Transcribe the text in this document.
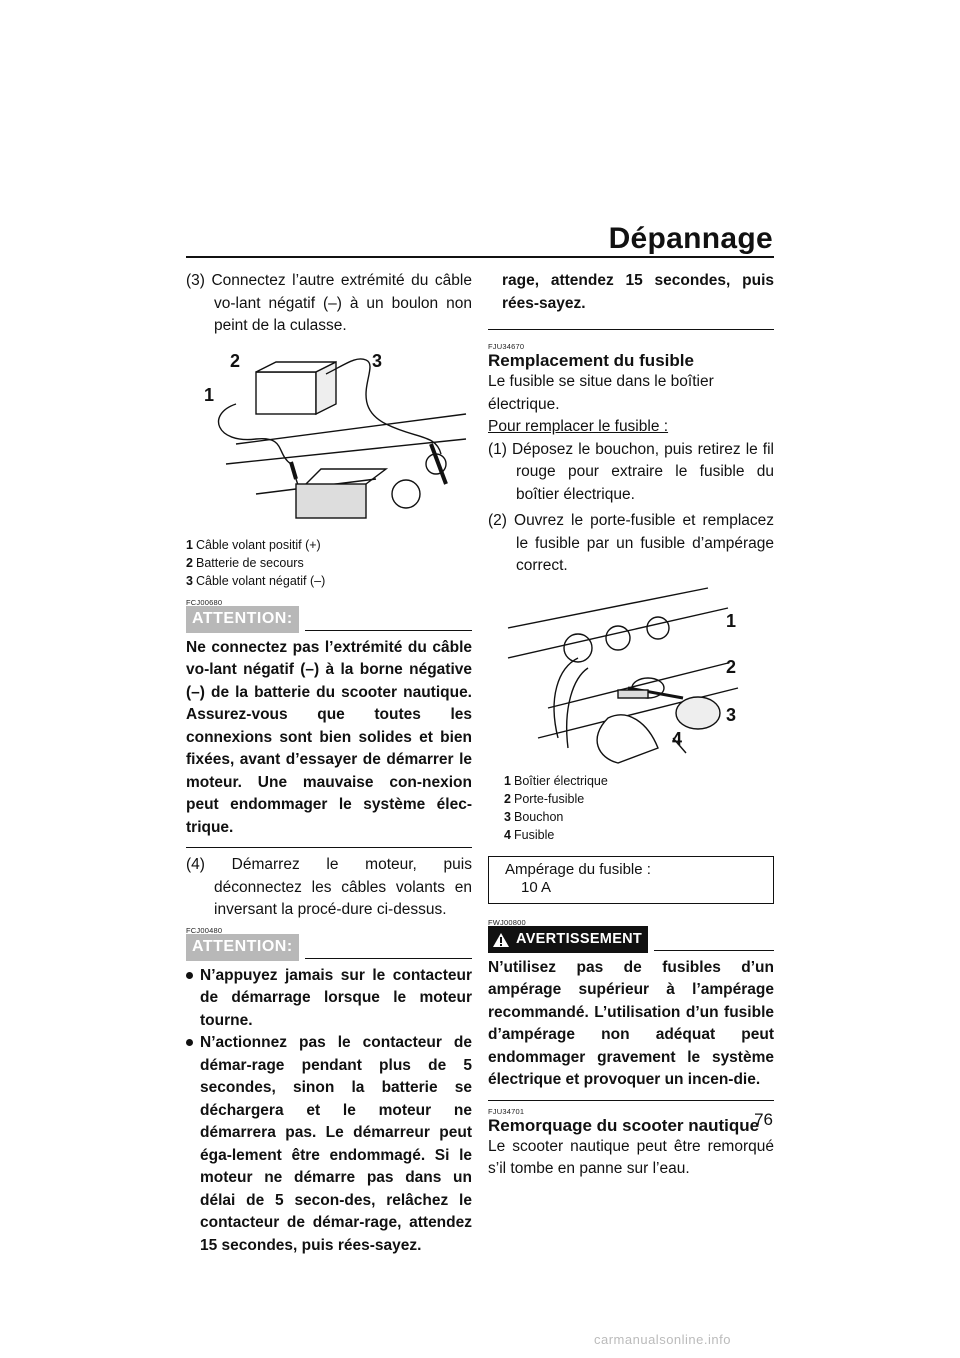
Dépannage

(3) Connectez l’autre extrémité du câble vo-lant négatif (–) à un boulon non peint de la culasse.

1
2	3
1 Câble volant positif (+)
2 Batterie de secours
3 Câble volant négatif (–)
FCJ00680
ATTENTION:

Ne connectez pas l’extrémité du câble vo-lant négatif (–) à la borne négative (–) de la batterie du scooter nautique. Assurez-vous que toutes les connexions sont bien solides et bien fixées, avant d’essayer de démarrer le moteur. Une mauvaise con-nexion peut endommager le système élec-trique.

(4) Démarrez le moteur, puis déconnectez les câbles volants en inversant la procé-dure ci-dessus.

FCJ00480
ATTENTION:
N’appuyez jamais sur le contacteur de démarrage lorsque le moteur tourne.
N’actionnez pas le contacteur de démar-rage pendant plus de 5 secondes, sinon la batterie se déchargera et le moteur ne démarrera pas. Le démarreur peut éga-lement être endommagé. Si le moteur ne démarre pas dans un délai de 5 secon-des, relâchez le contacteur de démar-rage, attendez 15 secondes, puis rées-sayez.

rage, attendez 15 secondes, puis rées-sayez.

FJU34670
Remplacement du fusible
Le fusible se situe dans le boîtier électrique.
Pour remplacer le fusible :

(1) Déposez le bouchon, puis retirez le fil rouge pour extraire le fusible du boîtier électrique.

(2) Ouvrez le porte-fusible et remplacez le fusible par un fusible d’ampérage correct.

1
2
3
4
1 Boîtier électrique
2 Porte-fusible
3 Bouchon
4 Fusible
Ampérage du fusible :
10 A
FWJ00800
AVERTISSEMENT

N’utilisez pas de fusibles d’un ampérage supérieur à l’ampérage recommandé. L’utilisation d’un fusible d’ampérage non adéquat peut endommager gravement le système électrique et provoquer un incen-die.

FJU34701
Remorquage du scooter nautique

Le scooter nautique peut être remorqué s’il tombe en panne sur l’eau.

76
carmanualsonline.info
